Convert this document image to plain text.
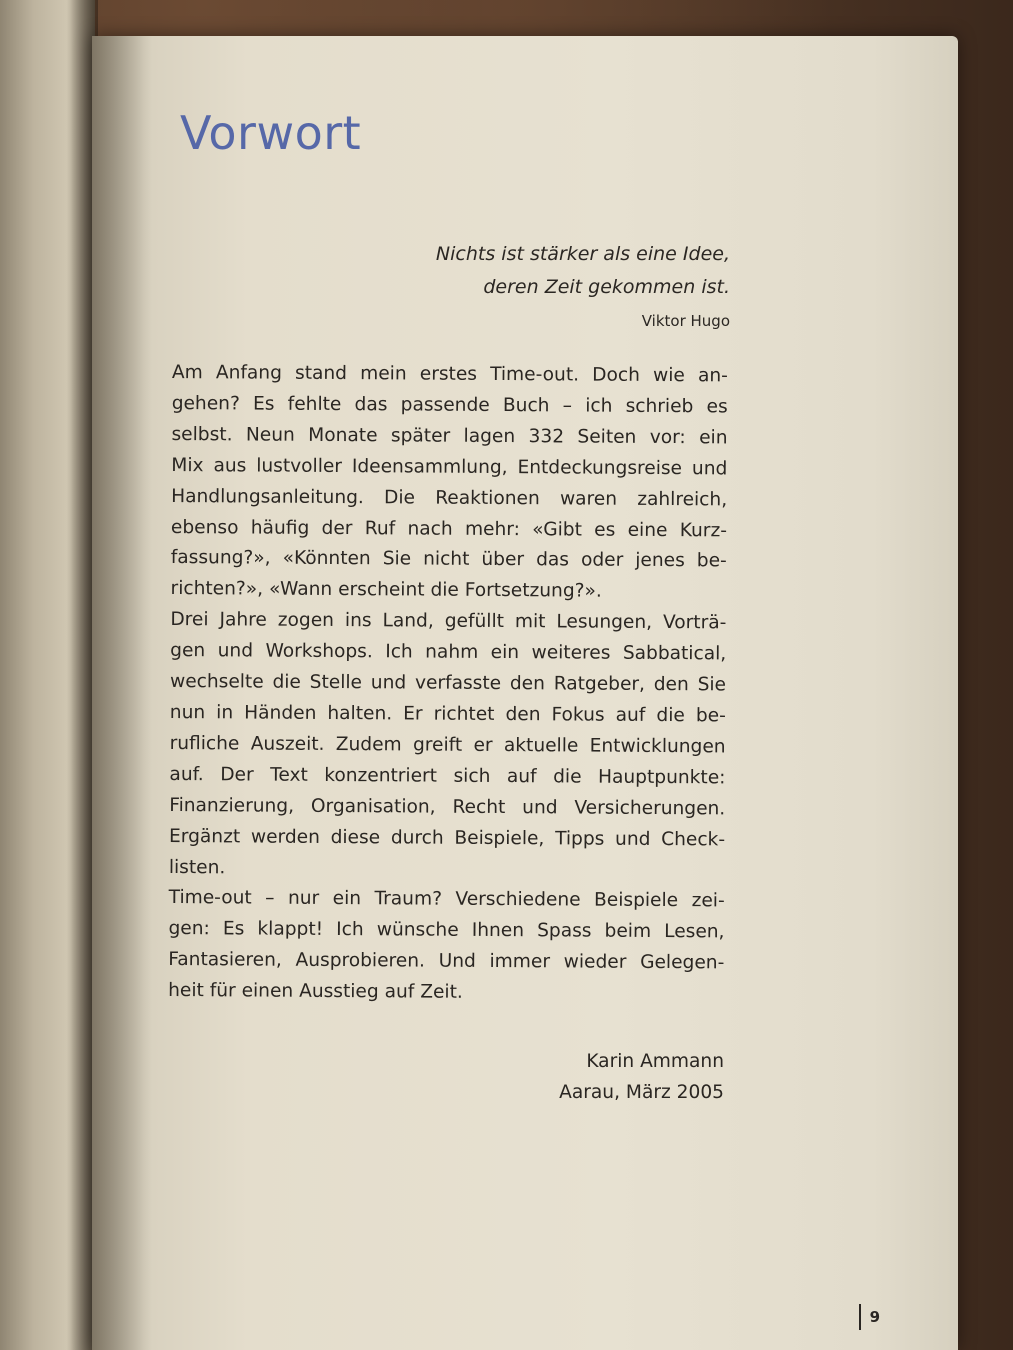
Vorwort
Nichts ist stärker als eine Idee,
deren Zeit gekommen ist.
Viktor Hugo
Am Anfang stand mein erstes Time-out. Doch wie an-
gehen? Es fehlte das passende Buch – ich schrieb es
selbst. Neun Monate später lagen 332 Seiten vor: ein
Mix aus lustvoller Ideensammlung, Entdeckungsreise und
Handlungsanleitung. Die Reaktionen waren zahlreich,
ebenso häufig der Ruf nach mehr: «Gibt es eine Kurz-
fassung?», «Könnten Sie nicht über das oder jenes be-
richten?», «Wann erscheint die Fortsetzung?».
Drei Jahre zogen ins Land, gefüllt mit Lesungen, Vorträ-
gen und Workshops. Ich nahm ein weiteres Sabbatical,
wechselte die Stelle und verfasste den Ratgeber, den Sie
nun in Händen halten. Er richtet den Fokus auf die be-
rufliche Auszeit. Zudem greift er aktuelle Entwicklungen
auf. Der Text konzentriert sich auf die Hauptpunkte:
Finanzierung, Organisation, Recht und Versicherungen.
Ergänzt werden diese durch Beispiele, Tipps und Check-
listen.
Time-out – nur ein Traum? Verschiedene Beispiele zei-
gen: Es klappt! Ich wünsche Ihnen Spass beim Lesen,
Fantasieren, Ausprobieren. Und immer wieder Gelegen-
heit für einen Ausstieg auf Zeit.
Karin Ammann
Aarau, März 2005
9
